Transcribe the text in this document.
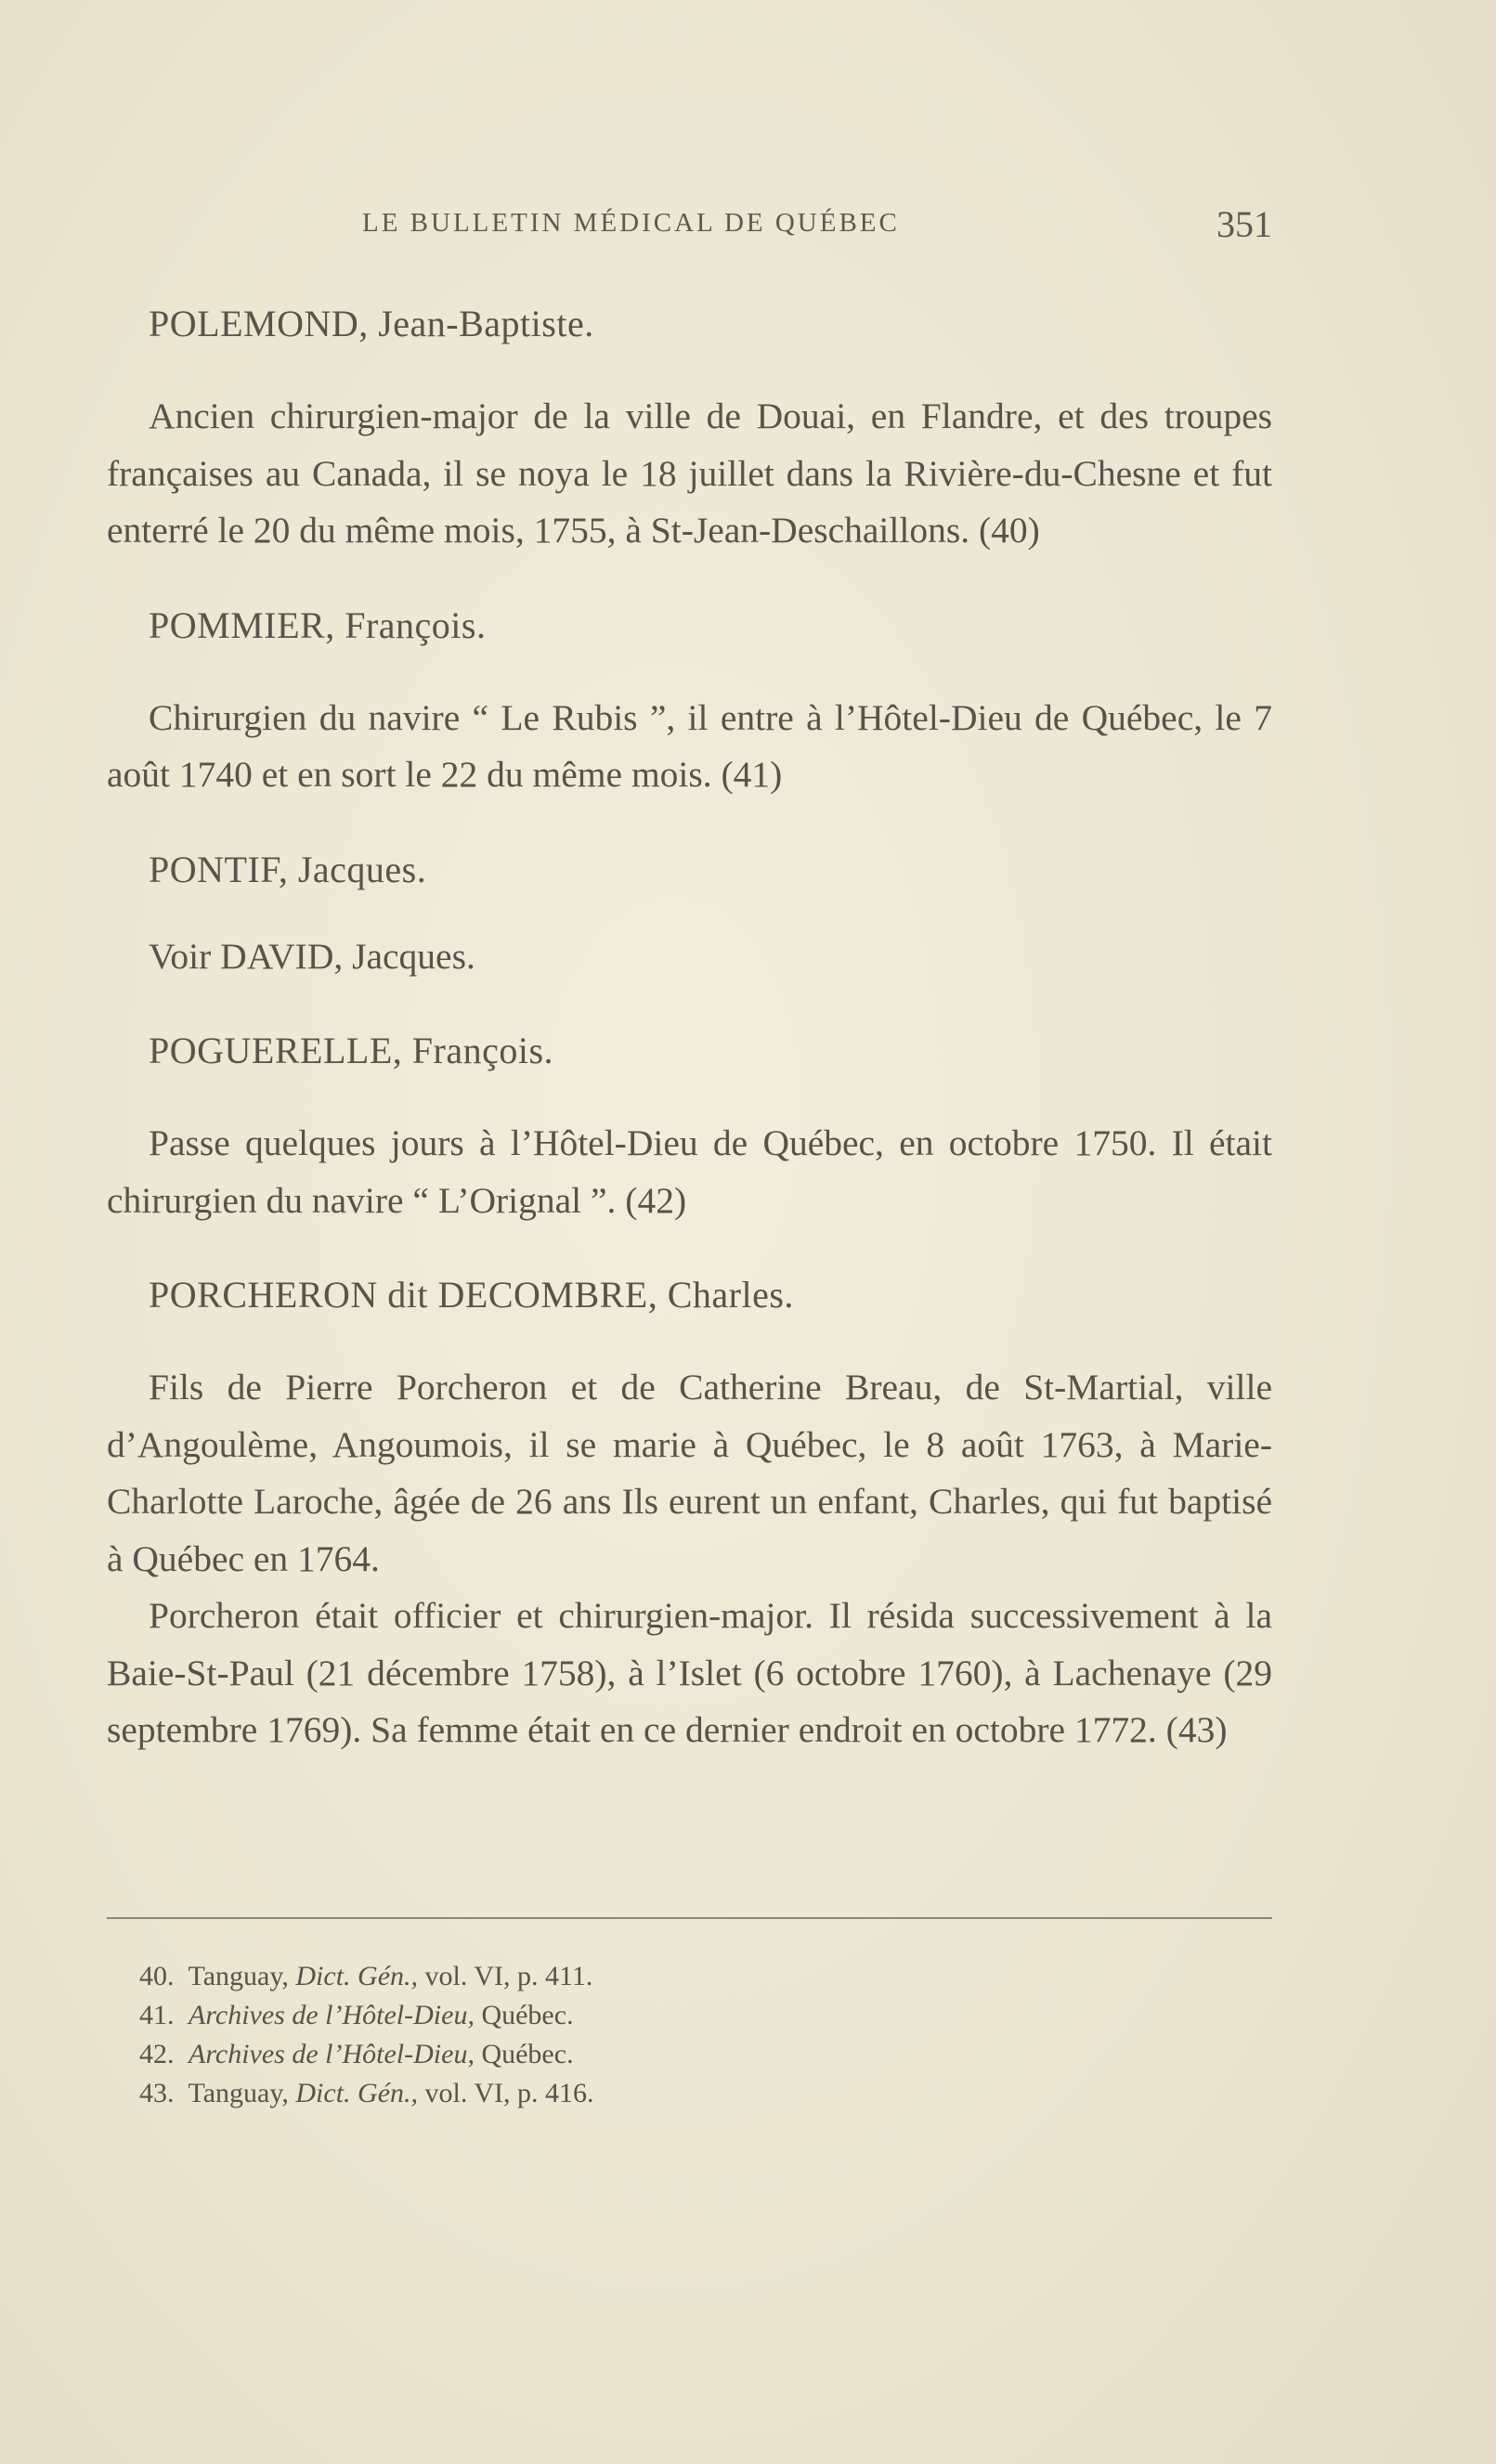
LE BULLETIN MÉDICAL DE QUÉBEC	351

POLEMOND, Jean-Baptiste.

Ancien chirurgien-major de la ville de Douai, en Flandre, et des troupes françaises au Canada, il se noya le 18 juillet dans la Rivière-du-Chesne et fut enterré le 20 du même mois, 1755, à St-Jean-Deschaillons. (40)

POMMIER, François.

Chirurgien du navire “ Le Rubis ”, il entre à l’Hôtel-Dieu de Québec, le 7 août 1740 et en sort le 22 du même mois. (41)

PONTIF, Jacques.

Voir DAVID, Jacques.

POGUERELLE, François.

Passe quelques jours à l’Hôtel-Dieu de Québec, en octobre 1750. Il était chirurgien du navire “ L’Orignal ”. (42)

PORCHERON dit DECOMBRE, Charles.

Fils de Pierre Porcheron et de Catherine Breau, de St-Martial, ville d’Angoulème, Angoumois, il se marie à Québec, le 8 août 1763, à Marie-Charlotte Laroche, âgée de 26 ans Ils eurent un enfant, Charles, qui fut baptisé à Québec en 1764.

Porcheron était officier et chirurgien-major. Il résida successivement à la Baie-St-Paul (21 décembre 1758), à l’Islet (6 octobre 1760), à Lachenaye (29 septembre 1769). Sa femme était en ce dernier endroit en octobre 1772. (43)

40. Tanguay, Dict. Gén., vol. VI, p. 411.
41. Archives de l’Hôtel-Dieu, Québec.
42. Archives de l’Hôtel-Dieu, Québec.
43. Tanguay, Dict. Gén., vol. VI, p. 416.
